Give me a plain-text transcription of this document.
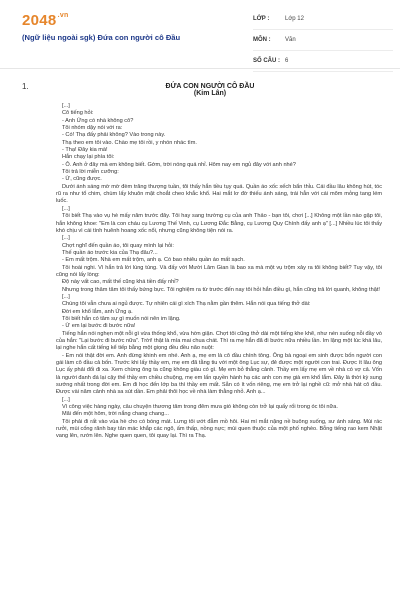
$2048^{.vn}$
(Ngữ liệu ngoài sgk) Đứa con người cô Đầu
LỚP :	Lớp 12
MÔN :	Văn
SỐ CÂU : 6
1.	ĐỨA CON NGƯỜI CÔ ĐẦU
(Kim Lân)

[...]

Cô tiếng hỏi:

- Anh Ứng có nhà không cô?

Tôi nhóm dậy nói với ra:

- Có! Thạ đấy phải không? Vào trong này.

Thạ theo em tôi vào. Chào mẹ tôi rồi, y nhón nhác tìm.

- Thạ! Đây kia mà!

Hắn chạy lại phía tôi:

- Ô. Anh ở đây mà em không biết. Gớm, trời nóng quá nhỉ. Hôm nay em ngủ đây với anh nhé?

Tôi trả lời miễn cưỡng:

- Ừ, cũng được.

Dưới ánh sáng mờ mờ đèm trăng thượng tuần, tôi thấy hắn tiều tụy quá. Quần áo xốc xếch bẩn thỉu. Cái đầu lâu không hút, tóc rũ ra như tổ chim, chùm lấy khuôn mặt choắt cheo khắc khổ. Hai mắt lơ đờ thiếu ánh sáng, trái hẳn với cái mõm mỏng tang lém luốc.

[...]

Tôi biết Thạ vào vụ hè mấy năm trước đây. Tôi hay sang trường cụ của anh Thảo - bạn tôi, chơi [...] Không một lần nào gặp tôi, hắn không khoe: "Em là con cháu cụ Lương Thế Vinh, cụ Lương Đắc Bằng, cụ Lương Quy Chính đấy anh ạ" [...] Nhiều lúc tôi thấy khó chịu vì cái tính huênh hoang xốc nổi, nhưng cũng không tiện nói ra.

[...]

Chợt nghĩ đến quần áo, tôi quay mình lại hỏi:

Thế quần áo trước kia của Thạ đâu?...

- Em mất trộm. Nhà em mất trộm, anh ạ. Có bao nhiêu quần áo mất sạch.

Tôi hoài nghi. Vì hắn trả lời lúng túng. Và đấy với Mười Lâm Gian là bao xa mà một vụ trộm xảy ra tôi không biết? Tuy vậy, tôi cũng nói lấy lòng:

Độ này vất cao, mất thế cũng khá tiền đấy nhỉ?

Nhưng trong thâm tâm tôi thấy bứng bực. Tôi nghiệm ra từ trước đến nay tôi hỏi hắn điều gì, hắn cũng trả lời quanh, không thật!

[...]

Chúng tôi vẫn chưa ai ngủ được. Tự nhiên cái gì xích Thạ nằm gần thêm. Hắn nói qua tiếng thở dài:

Đời em khổ lắm, anh Ứng ạ.

Tôi biết hắn có tâm sự gì muốn nói nên im lặng.

- Ừ em lại bước đi bước nữa!

Tiếng hắn nói nghẹn một nỗi gì vừa thống khổ, vừa hờn giận. Chợt tôi cũng thở dài một tiếng khe khẽ, như nén xuống nỗi đầy vò của hắn: "Lại bước đi bước nữa". Trời! thật là mía mai chua chát. Thì ra mẹ hắn đã đi bước nữa nhiều lần. Im lặng một lúc khá lâu, lại nghe hắn cất tiếng kể tiếp bằng một giọng đều đều não nuột:

- Em nói thật đời em. Anh đừng khinh em nhé. Anh ạ, mẹ em là cô đầu chính tông. Ông bà ngoại em sinh được bốn người con gái làm cô đầu cả bốn. Trước khi lấy thầy em, mẹ em đã tằng tiu với một ông Lục sự, đẻ được một người con trai. Được ít lâu ông Lục ấy phải đổi đi xa. Xem chừng ông ta cũng không giàu có gì. Mẹ em bỏ thẳng cảnh. Thầy em lấy mẹ em về nhà có vợ cả. Vốn là người đanh đá lại cậy thế thầy em chiều chuộng, mẹ em lấn quyền hành hạ các anh con mẹ già em khổ lắm. Đây là thời kỳ sung sướng nhất trong đời em. Em đi học đến lớp ba thì thầy em mất. Sẵn có ít vốn riêng, mẹ em trở lại nghề cũ: mở nhà hát cô đầu. Được vài năm cảnh nhà sa sút dần. Em phải thôi học về nhà làm thằng nhỏ. Anh ạ...

[...]

Vì công việc hàng ngày, câu chuyện thương tâm trong đêm mưa gió không còn trở lại quấy rối trong óc tôi nữa.

Mãi đến một hôm, trời nắng chang chang...

Tôi phải đi rất vào vùa hè cho có bóng mát. Lưng tôi ướt đẫm mồ hôi. Hai mí mắt nặng nề buông xuống, sư ánh sáng. Mùi rác rưởi, mùi cống rãnh bay tản mác khắp các ngõ, ấm thấp, nồng nực; mùi quen thuộc của một phố nghèo. Bỗng tiếng rao kem Nhật vang lên, rướn lên. Nghe quen quen, tôi quay lại. Thì ra Thạ.
